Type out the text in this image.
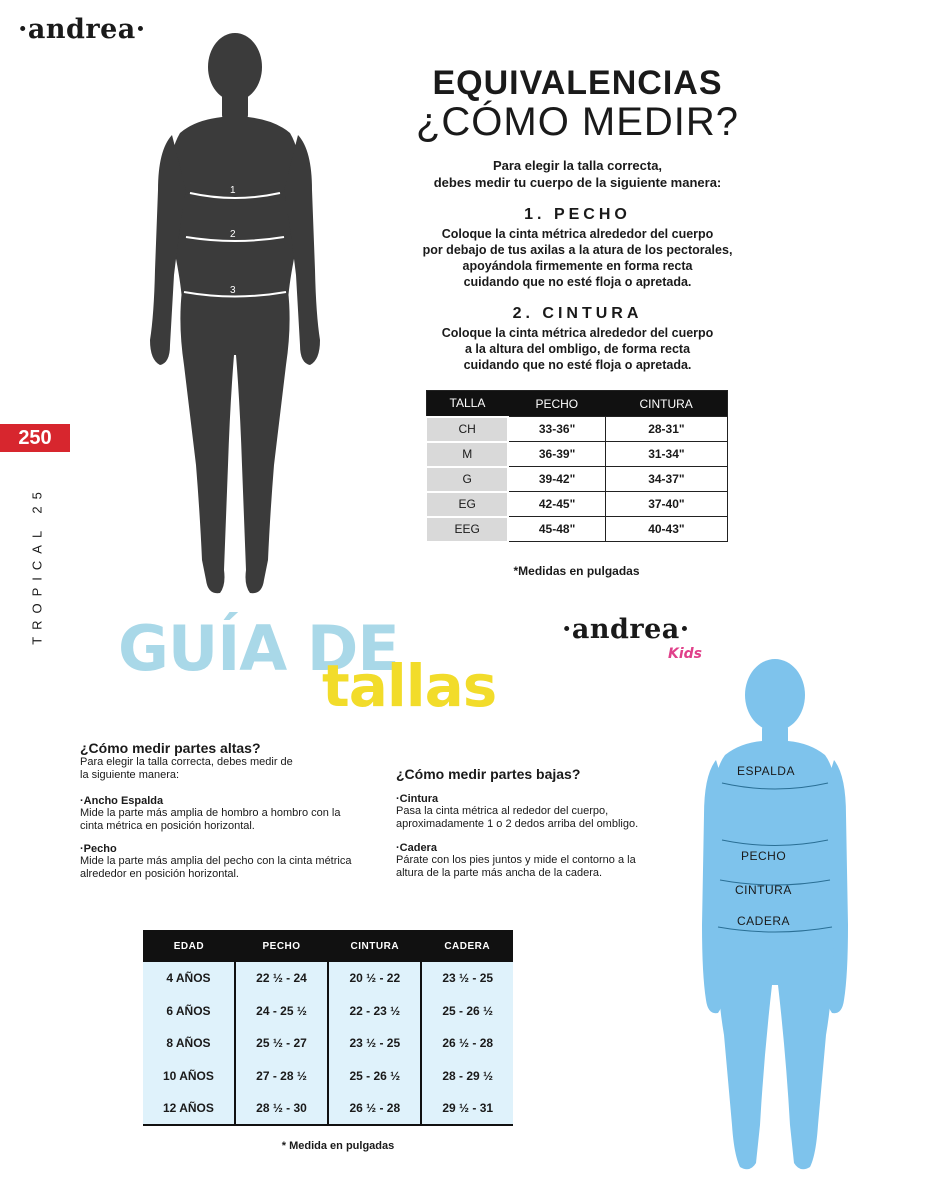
·andrea·
250
TROPICAL 25
1
2
3
EQUIVALENCIAS
¿CÓMO MEDIR?
Para elegir la talla correcta,
debes medir tu cuerpo de la siguiente manera:
1. PECHO
Coloque la cinta métrica alrededor del cuerpo
por debajo de tus axilas a la atura de los pectorales,
apoyándola firmemente en forma recta
cuidando que no esté floja o apretada.
2. CINTURA
Coloque la cinta métrica alrededor del cuerpo
a la altura del ombligo, de forma recta
cuidando que no esté floja o apretada.
TALLA	PECHO	CINTURA
CH	33-36"	28-31"
M	36-39"	31-34"
G	39-42"	34-37"
EG	42-45"	37-40"
EEG	45-48"	40-43"
*Medidas en pulgadas
GUÍA DE
tallas
·andrea·
Kids
ESPALDA
PECHO
CINTURA
CADERA
¿Cómo medir partes altas?
Para elegir la talla correcta, debes medir de
la siguiente manera:
·Ancho Espalda
Mide la parte más amplia de hombro a hombro con la
cinta métrica en posición horizontal.
·Pecho
Mide la parte más amplia del pecho con la cinta métrica
alrededor en posición horizontal.
¿Cómo medir partes bajas?
·Cintura
Pasa la cinta métrica al rededor del cuerpo,
aproximadamente 1 o 2 dedos arriba del ombligo.
·Cadera
Párate con los pies juntos y mide el contorno a la
altura de la parte más ancha de la cadera.
EDAD	PECHO	CINTURA	CADERA
4 AÑOS	22 ½ - 24	20 ½ - 22	23 ½ - 25
6 AÑOS	24 - 25 ½	22 - 23 ½	25 - 26 ½
8 AÑOS	25 ½ - 27	23 ½ - 25	26 ½ - 28
10 AÑOS	27 - 28 ½	25 - 26 ½	28 - 29 ½
12 AÑOS	28 ½ - 30	26 ½ - 28	29 ½ - 31
* Medida en pulgadas
